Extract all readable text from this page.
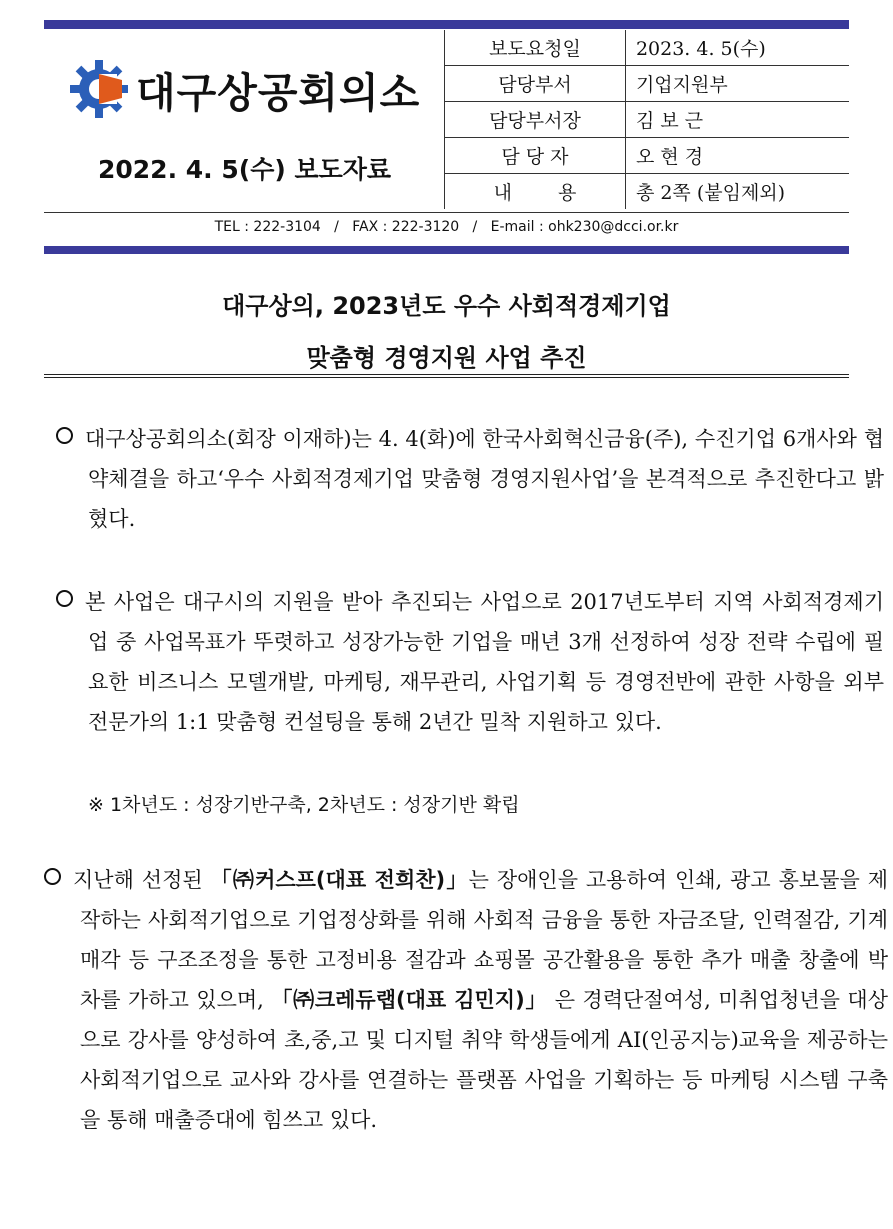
대구상공회의소
2022. 4. 5(수) 보도자료
보도요청일	2023. 4. 5(수)
담당부서	기업지원부
담당부서장	김 보 근
담 당 자	오 현 경
내 용	총 2쪽 (붙임제외)
TEL : 222-3104   /   FAX : 222-3120   /   E-mail : ohk230@dcci.or.kr
대구상의, 2023년도 우수 사회적경제기업
맞춤형 경영지원 사업 추진
대구상공회의소(회장 이재하)는 4. 4(화)에 한국사회혁신금융(주), 수진기업 6개사와 협약체결을 하고‘우수 사회적경제기업 맞춤형 경영지원사업’을 본격적으로 추진한다고 밝혔다.
본 사업은 대구시의 지원을 받아 추진되는 사업으로 2017년도부터 지역 사회적경제기업 중 사업목표가 뚜렷하고 성장가능한 기업을 매년 3개 선정하여 성장 전략 수립에 필요한 비즈니스 모델개발, 마케팅, 재무관리, 사업기획 등 경영전반에 관한 사항을 외부전문가의 1:1 맞춤형 컨설팅을 통해 2년간 밀착 지원하고 있다.
※ 1차년도 : 성장기반구축, 2차년도 : 성장기반 확립
지난해 선정된 「㈜커스프(대표 전희찬)」는 장애인을 고용하여 인쇄, 광고 홍보물을 제작하는 사회적기업으로 기업정상화를 위해 사회적 금융을 통한 자금조달, 인력절감, 기계매각 등 구조조정을 통한 고정비용 절감과 쇼핑몰 공간활용을 통한 추가 매출 창출에 박차를 가하고 있으며, 「㈜크레듀랩(대표 김민지)」 은 경력단절여성, 미취업청년을 대상으로 강사를 양성하여 초,중,고 및 디지털 취약 학생들에게 AI(인공지능)교육을 제공하는 사회적기업으로 교사와 강사를 연결하는 플랫폼 사업을 기획하는 등 마케팅 시스템 구축을 통해 매출증대에 힘쓰고 있다.
